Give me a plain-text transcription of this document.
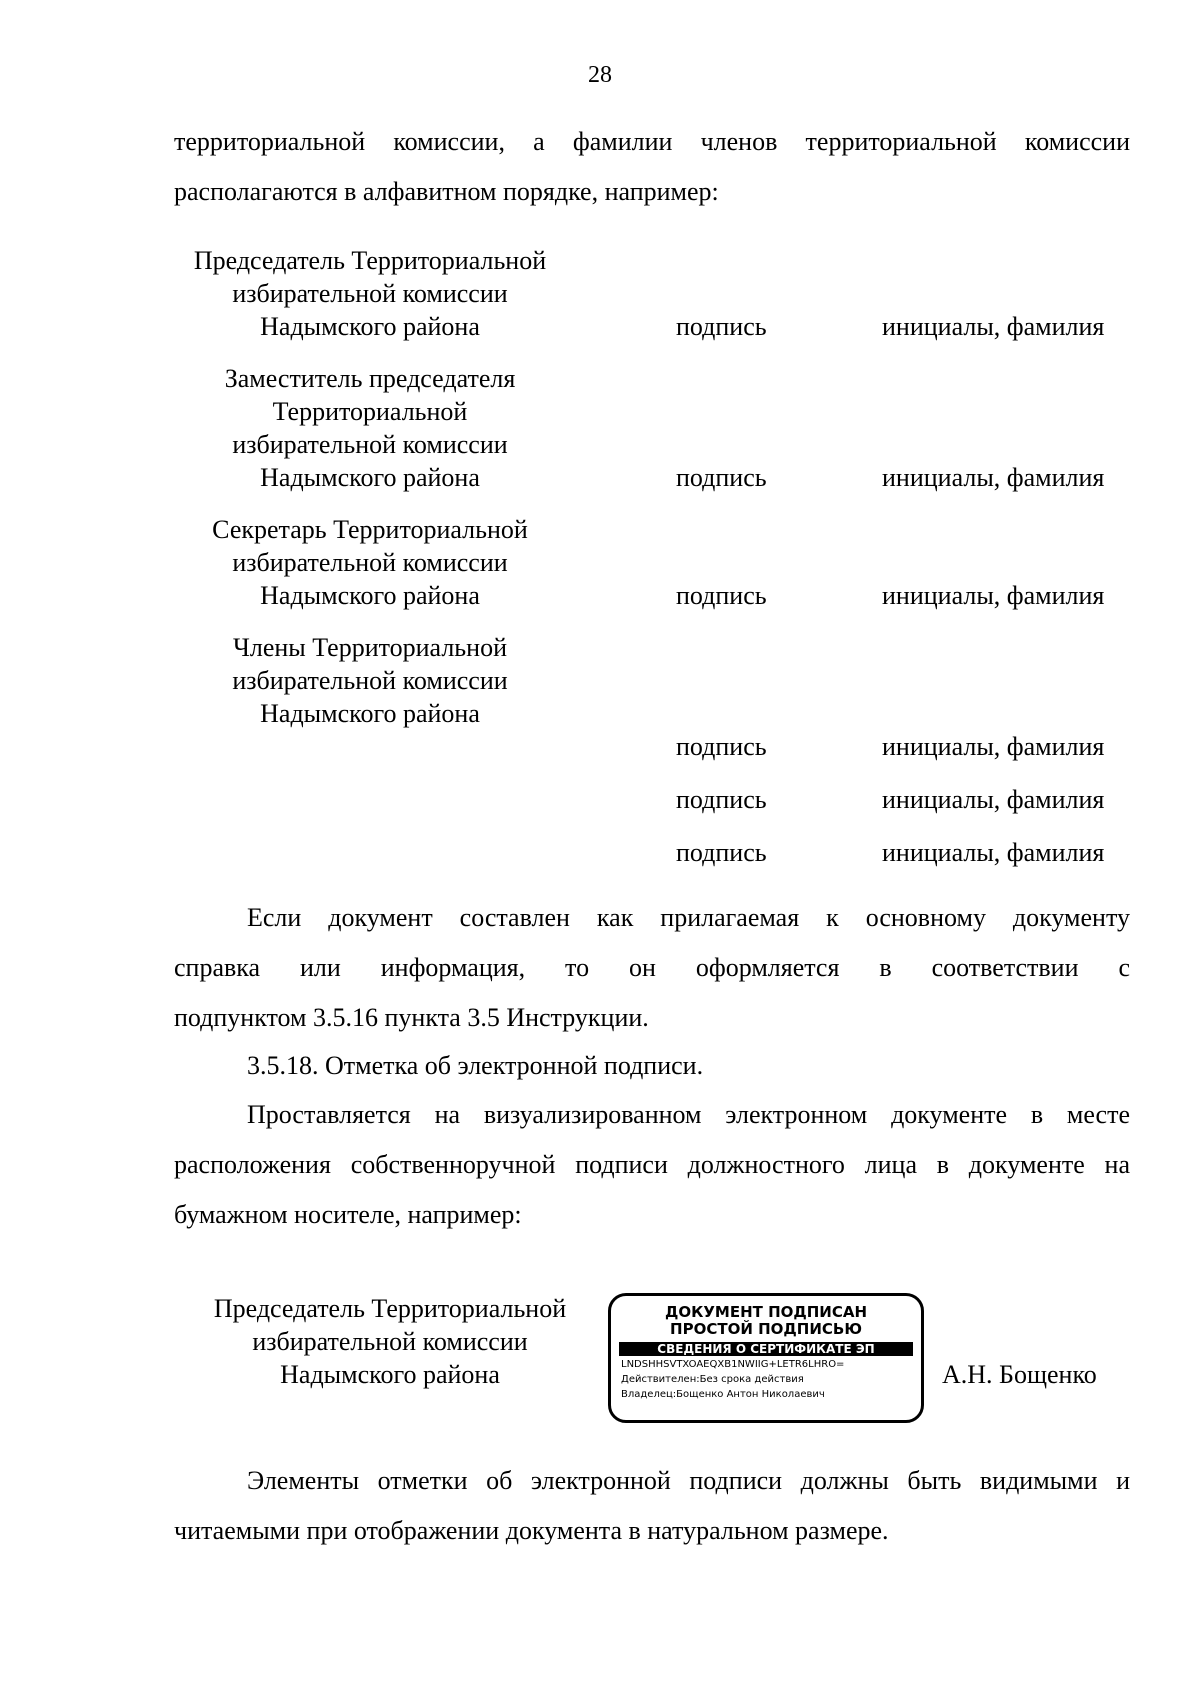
28
территориальной комиссии, а фамилии членов территориальной комиссии
располагаются в алфавитном порядке, например:
Председатель Территориальной
избирательной комиссии
Надымского района	подпись	инициалы, фамилия
Заместитель председателя
Территориальной
избирательной комиссии
Надымского района	подпись	инициалы, фамилия
Секретарь Территориальной
избирательной комиссии
Надымского района	подпись	инициалы, фамилия
Члены Территориальной
избирательной комиссии
Надымского района
подпись	инициалы, фамилия
подпись	инициалы, фамилия
подпись	инициалы, фамилия
Если документ составлен как прилагаемая к основному документу
справка или информация, то он оформляется в соответствии с
подпунктом 3.5.16 пункта 3.5 Инструкции.
3.5.18. Отметка об электронной подписи.
Проставляется на визуализированном электронном документе в месте
расположения собственноручной подписи должностного лица в документе на
бумажном носителе, например:
Председатель Территориальной
избирательной комиссии
Надымского района
ДОКУМЕНТ ПОДПИСАН
ПРОСТОЙ ПОДПИСЬЮ
СВЕДЕНИЯ О СЕРТИФИКАТЕ ЭП
LNDSHHSVTXOAEQXB1NWIIG+LETR6LHRO=
Действителен:Без срока действия
Владелец:Бощенко Антон Николаевич
А.Н. Бощенко
Элементы отметки об электронной подписи должны быть видимыми и
читаемыми при отображении документа в натуральном размере.
